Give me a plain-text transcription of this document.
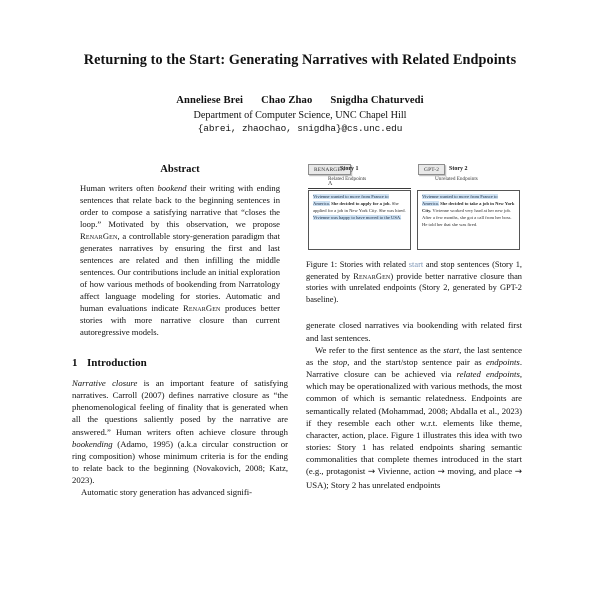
Returning to the Start: Generating Narratives with Related Endpoints
Anneliese Brei Chao Zhao Snigdha Chaturvedi
Department of Computer Science, UNC Chapel Hill
{abrei, zhaochao, snigdha}@cs.unc.edu
Abstract
Human writers often bookend their writing with ending sentences that relate back to the beginning sentences in order to compose a satisfying narrative that “closes the loop.” Motivated by this observation, we propose RenarGen, a controllable story-generation paradigm that generates narratives by ensuring the first and last sentences are related and then infilling the middle sentences. Our contributions include an initial exploration of how various methods of bookending from Narratology affect language modeling for stories. Automatic and human evaluations indicate RenarGen produces better stories with more narrative closure than current autoregressive models.
1 Introduction

Narrative closure is an important feature of satisfying narratives. Carroll (2007) defines narrative closure as “the phenomenological feeling of finality that is generated when all the questions saliently posed by the narrative are answered.” Human writers often achieve closure through bookending (Adamo, 1995) (a.k.a circular construction or ring composition) whose minimum criteria is for the ending to relate back to the beginning (Novakovich, 2008; Katz, 2023).

Automatic story generation has advanced signifi-

RENARGEN
Story 1
Related Endpoints
Λ
Vivienne wanted to move from France to America. She decided to apply for a job. She applied for a job in New York City. She was hired. Vivienne was happy to have moved to the USA.
GPT-2	Story 2
Unrelated Endpoints
Vivienne wanted to move from France to America. She decided to take a job in New York City. Vivienne worked very hard at her new job. After a few months, she got a call from her boss. He told her that she was fired.
Figure 1: Stories with related start and stop sentences (Story 1, generated by RenarGen) provide better narrative closure than stories with unrelated endpoints (Story 2, generated by GPT-2 baseline).

generate closed narratives via bookending with related first and last sentences.

We refer to the first sentence as the start, the last sentence as the stop, and the start/stop sentence pair as endpoints. Narrative closure can be achieved via related endpoints, which may be operationalized with various methods, the most common of which is semantic relatedness. Endpoints are semantically related (Mohammad, 2008; Abdalla et al., 2023) if they resemble each other w.r.t. elements like theme, character, action, place. Figure 1 illustrates this idea with two stories: Story 1 has related endpoints sharing semantic commonalities that complete themes introduced in the start (e.g., protagonist → Vivienne, action → moving, and place → USA); Story 2 has unrelated endpoints
